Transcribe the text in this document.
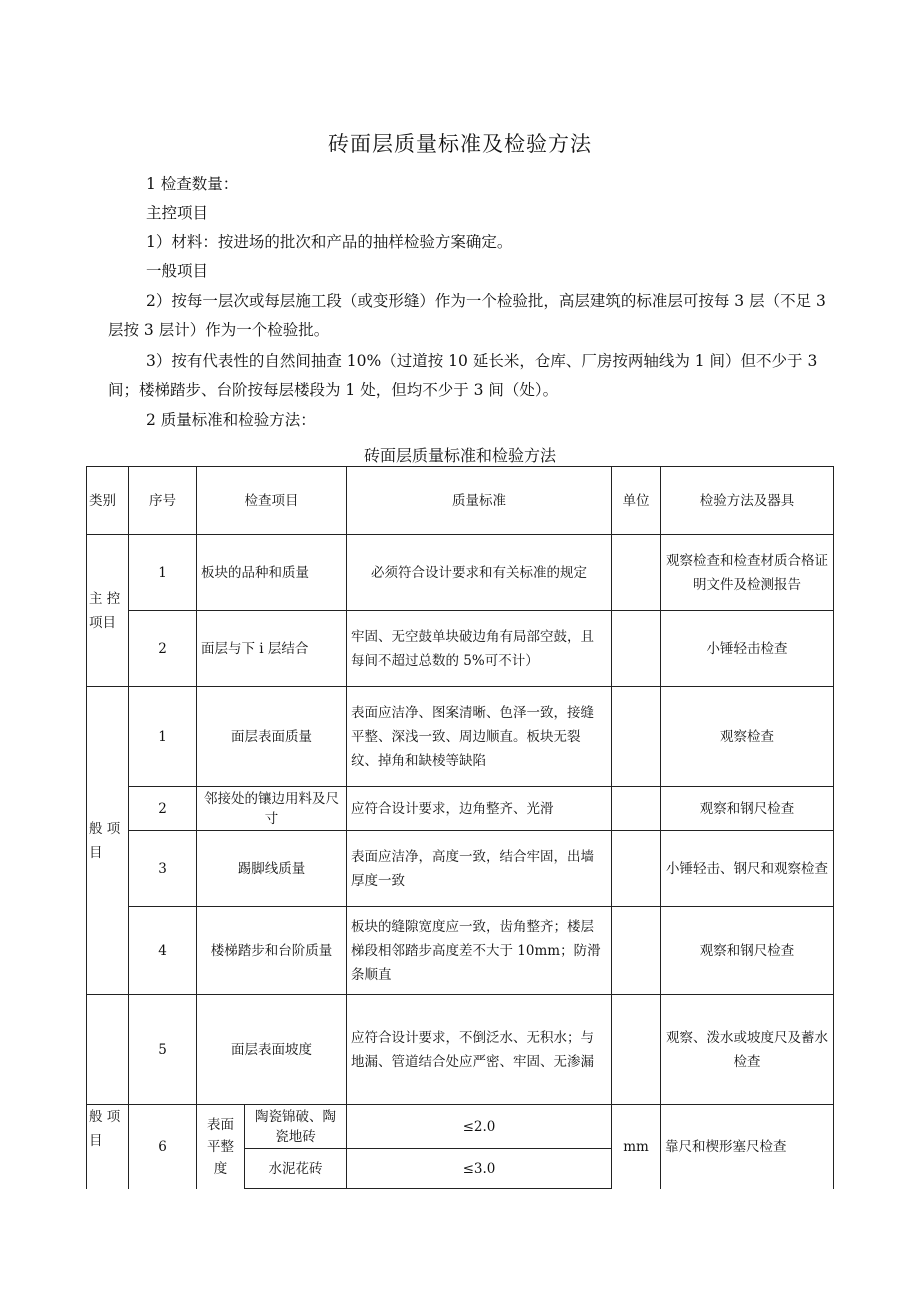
砖面层质量标准及检验方法
1 检查数量：
主控项目
1）材料：按进场的批次和产品的抽样检验方案确定。
一般项目
2）按每一层次或每层施工段（或变形缝）作为一个检验批，高层建筑的标准层可按每 3 层（不足 3 层按 3 层计）作为一个检验批。
3）按有代表性的自然间抽查 10%（过道按 10 延长米，仓库、厂房按两轴线为 1 间）但不少于 3 间；楼梯踏步、台阶按每层楼段为 1 处，但均不少于 3 间（处）。
2 质量标准和检验方法：
砖面层质量标准和检验方法
类别	序号	检查项目		质量标准	单位	检验方法及器具
主 控 项目	1	板块的品种和质量		必须符合设计要求和有关标准的规定		观察检查和检查材质合格证明文件及检测报告
	2	面层与下 i 层结合		牢固、无空鼓单块破边角有局部空鼓，且每间不超过总数的 5%可不计）		小锤轻击检查
般 项 目	1	面层表面质量		表面应洁净、图案清晰、色泽一致，接缝平整、深浅一致、周边顺直。板块无裂纹、掉角和缺棱等缺陷		观察检查
	2	邻接处的镶边用料及尺寸		应符合设计要求，边角整齐、光滑		观察和钢尺检查
	3	踢脚线质量		表面应洁净，高度一致，结合牢固，出墙厚度一致		小锤轻击、钢尺和观察检查
	4	楼梯踏步和台阶质量		板块的缝隙宽度应一致，齿角整齐；楼层梯段相邻踏步高度差不大于 10mm；防滑条顺直		观察和钢尺检查

	5	面层表面坡度		应符合设计要求，不倒泛水、无积水；与地漏、管道结合处应严密、牢固、无渗漏		观察、泼水或坡度尺及蓄水检查
般 项 目	6	表面平整度	陶瓷锦破、陶瓷地砖	≤2.0	mm	靠尺和楔形塞尺检查
			水泥花砖	≤3.0		
